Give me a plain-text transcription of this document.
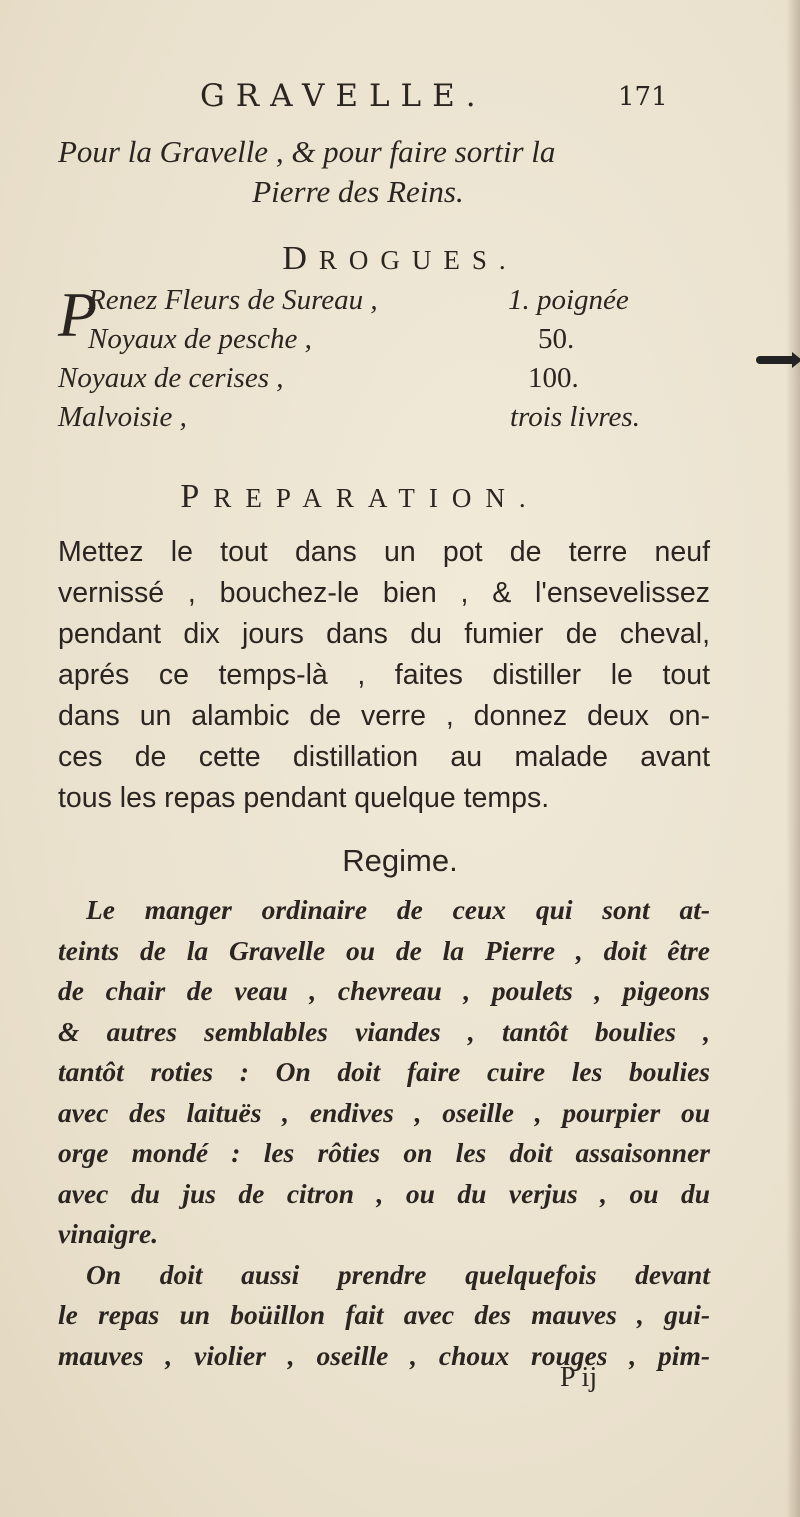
GRAVELLE.	171
Pour la Gravelle , & pour faire sortir la
Pierre des Reins.
DROGUES.
P
Renez Fleurs de Sureau ,	1. poignée
Noyaux de pesche ,	50.
Noyaux de cerises ,	100.
Malvoisie ,	trois livres.
PREPARATION.
Mettez le tout dans un pot de terre neuf
vernissé , bouchez-le bien , & l'ensevelissez
pendant dix jours dans du fumier de cheval,
aprés ce temps-là , faites distiller le tout
dans un alambic de verre , donnez deux on-
ces de cette distillation au malade avant
tous les repas pendant quelque temps.
Regime.
Le manger ordinaire de ceux qui sont at-
teints de la Gravelle ou de la Pierre , doit être
de chair de veau , chevreau , poulets , pigeons
& autres semblables viandes , tantôt boulies ,
tantôt roties : On doit faire cuire les boulies
avec des laituës , endives , oseille , pourpier ou
orge mondé : les rôties on les doit assaisonner
avec du jus de citron , ou du verjus , ou du
vinaigre.
On doit aussi prendre quelquefois devant
le repas un boüillon fait avec des mauves , gui-
mauves , violier , oseille , choux rouges , pim-
P ij
